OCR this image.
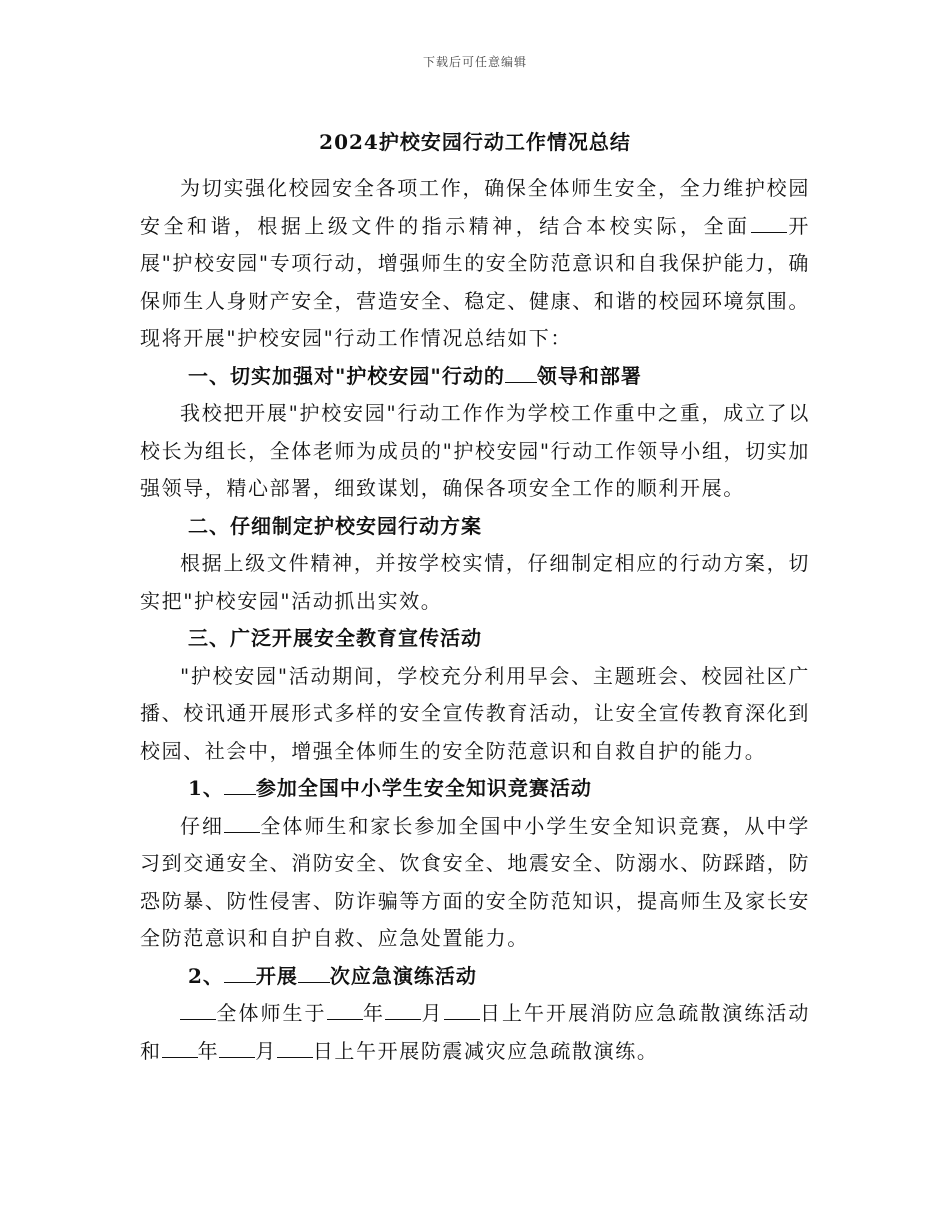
下载后可任意编辑
2024护校安园行动工作情况总结

为切实强化校园安全各项工作，确保全体师生安全，全力维护校园安全和谐，根据上级文件的指示精神，结合本校实际，全面 开展"护校安园"专项行动，增强师生的安全防范意识和自我保护能力，确保师生人身财产安全，营造安全、稳定、健康、和谐的校园环境氛围。现将开展"护校安园"行动工作情况总结如下：

一、切实加强对"护校安园"行动的 领导和部署

我校把开展"护校安园"行动工作作为学校工作重中之重，成立了以校长为组长，全体老师为成员的"护校安园"行动工作领导小组，切实加强领导，精心部署，细致谋划，确保各项安全工作的顺利开展。

二、仔细制定护校安园行动方案

根据上级文件精神，并按学校实情，仔细制定相应的行动方案，切实把"护校安园"活动抓出实效。

三、广泛开展安全教育宣传活动

"护校安园"活动期间，学校充分利用早会、主题班会、校园社区广播、校讯通开展形式多样的安全宣传教育活动，让安全宣传教育深化到校园、社会中，增强全体师生的安全防范意识和自救自护的能力。

1、 参加全国中小学生安全知识竞赛活动

仔细 全体师生和家长参加全国中小学生安全知识竞赛，从中学习到交通安全、消防安全、饮食安全、地震安全、防溺水、防踩踏，防恐防暴、防性侵害、防诈骗等方面的安全防范知识，提高师生及家长安全防范意识和自护自救、应急处置能力。

2、 开展 次应急演练活动

全体师生于 年 月 日上午开展消防应急疏散演练活动和 年 月 日上午开展防震减灾应急疏散演练。
